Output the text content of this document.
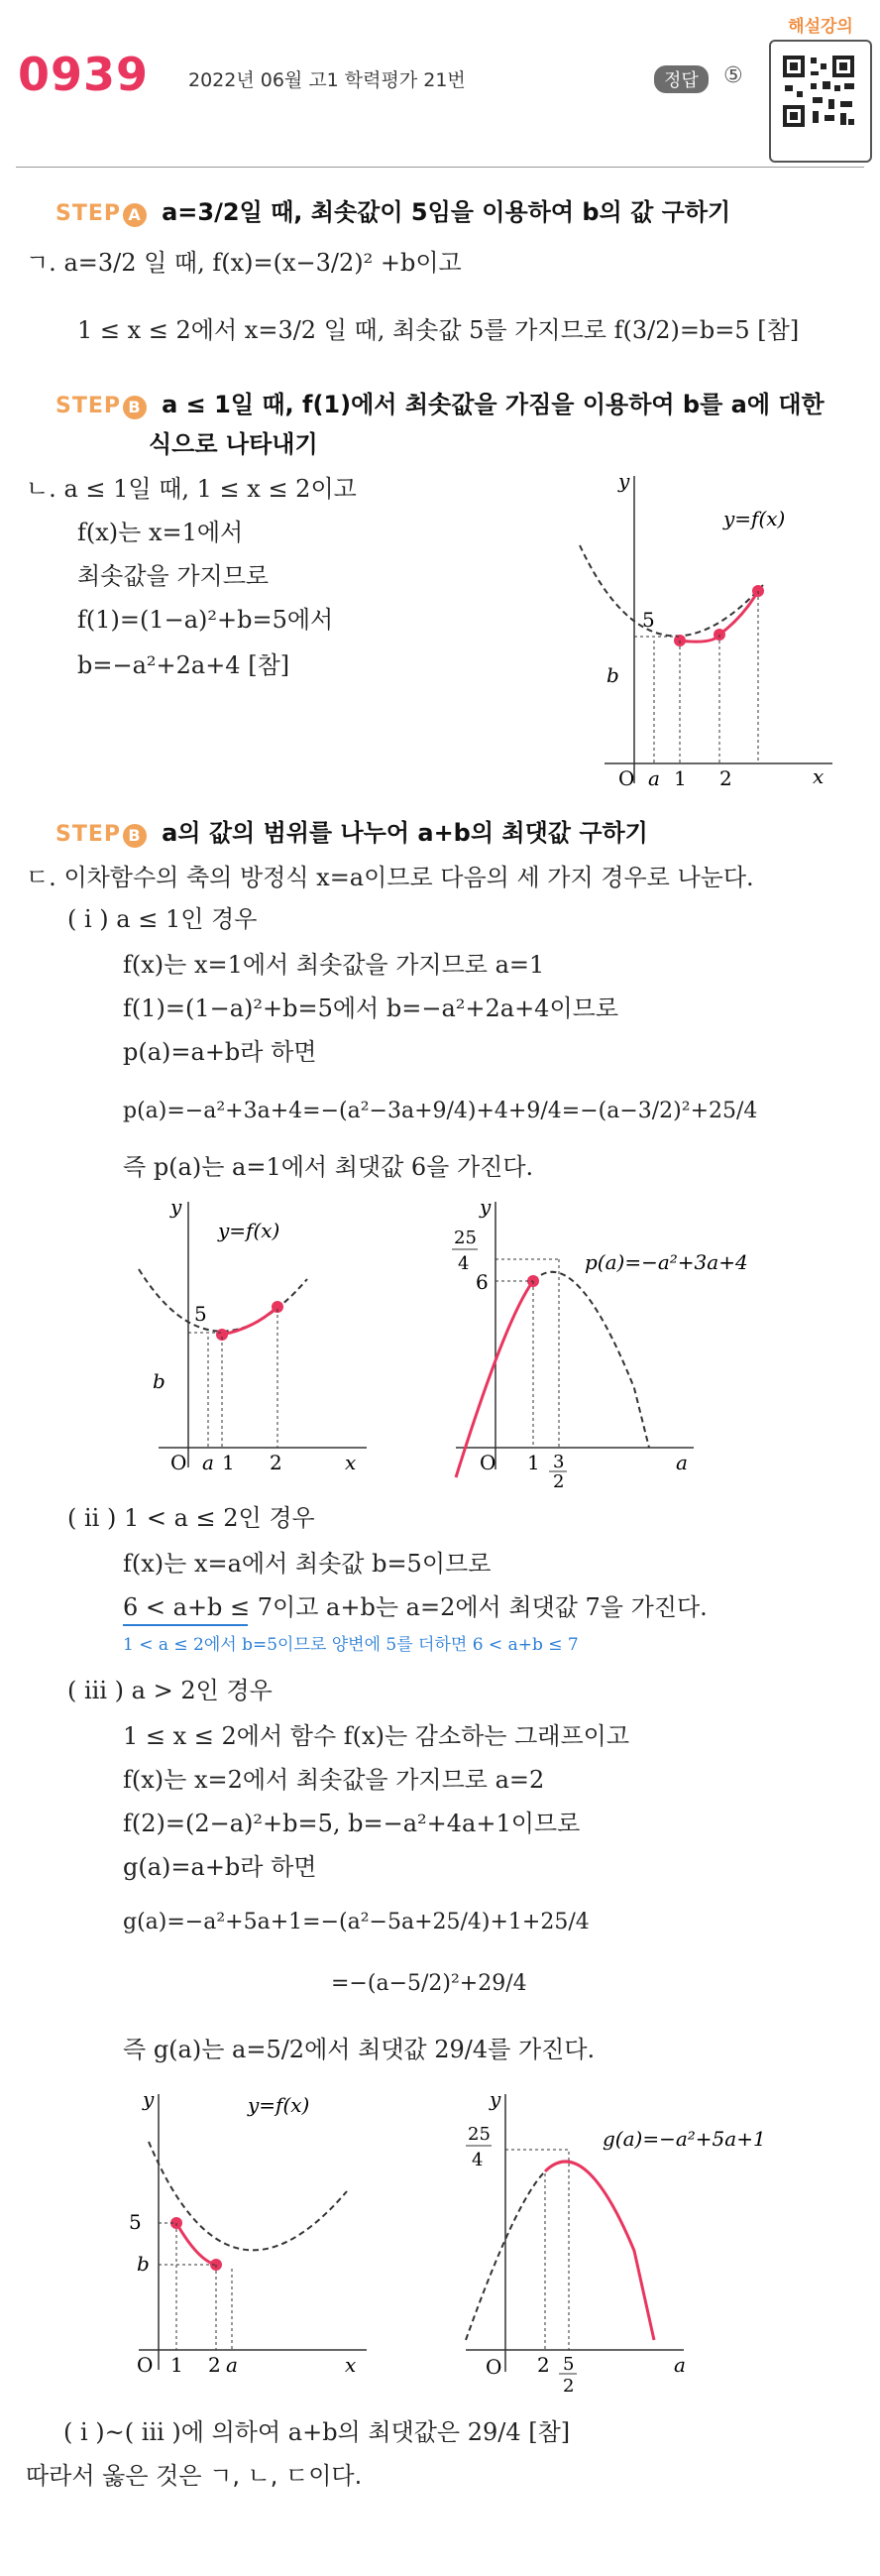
0939 2022년 06월 고1 학력평가 21번	정답	⑤
해설강의
STEP A a=3/2일 때, 최솟값이 5임을 이용하여 b의 값 구하기
ㄱ. a=3/2 일 때, f(x)=(x−3/2)² +b이고
1 ≤ x ≤ 2에서 x=3/2 일 때, 최솟값 5를 가지므로 f(3/2)=b=5 [참]
STEP B a ≤ 1일 때, f(1)에서 최솟값을 가짐을 이용하여 b를 a에 대한
식으로 나타내기
ㄴ. a ≤ 1일 때, 1 ≤ x ≤ 2이고
f(x)는 x=1에서
최솟값을 가지므로
f(1)=(1−a)²+b=5에서
b=−a²+2a+4 [참]
y
x
O
5
b
a 1 2
y=f(x)
STEP B a의 값의 범위를 나누어 a+b의 최댓값 구하기
ㄷ. 이차함수의 축의 방정식 x=a이므로 다음의 세 가지 경우로 나눈다.
( i ) a ≤ 1인 경우
f(x)는 x=1에서 최솟값을 가지므로 a=1
f(1)=(1−a)²+b=5에서 b=−a²+2a+4이므로
p(a)=a+b라 하면
p(a)=−a²+3a+4=−(a²−3a+9/4)+4+9/4=−(a−3/2)²+25/4
즉 p(a)는 a=1에서 최댓값 6을 가진다.
y
x
O
5
b
a 1 2
y=f(x)
y
a
O
25
4
6
1 3
2
p(a)=−a²+3a+4
( ii ) 1 < a ≤ 2인 경우
f(x)는 x=a에서 최솟값 b=5이므로
6 < a+b ≤ 7이고 a+b는 a=2에서 최댓값 7을 가진다.
1 < a ≤ 2에서 b=5이므로 양변에 5를 더하면 6 < a+b ≤ 7
( iii ) a > 2인 경우
1 ≤ x ≤ 2에서 함수 f(x)는 감소하는 그래프이고
f(x)는 x=2에서 최솟값을 가지므로 a=2
f(2)=(2−a)²+b=5, b=−a²+4a+1이므로
g(a)=a+b라 하면
g(a)=−a²+5a+1=−(a²−5a+25/4)+1+25/4
=−(a−5/2)²+29/4
즉 g(a)는 a=5/2에서 최댓값 29/4를 가진다.
y
x
O
5
b
1 2 a
y=f(x)	y
a
O
25
4
2 5
2
g(a)=−a²+5a+1
( i )~( iii )에 의하여 a+b의 최댓값은 29/4 [참]
따라서 옳은 것은 ㄱ, ㄴ, ㄷ이다.
